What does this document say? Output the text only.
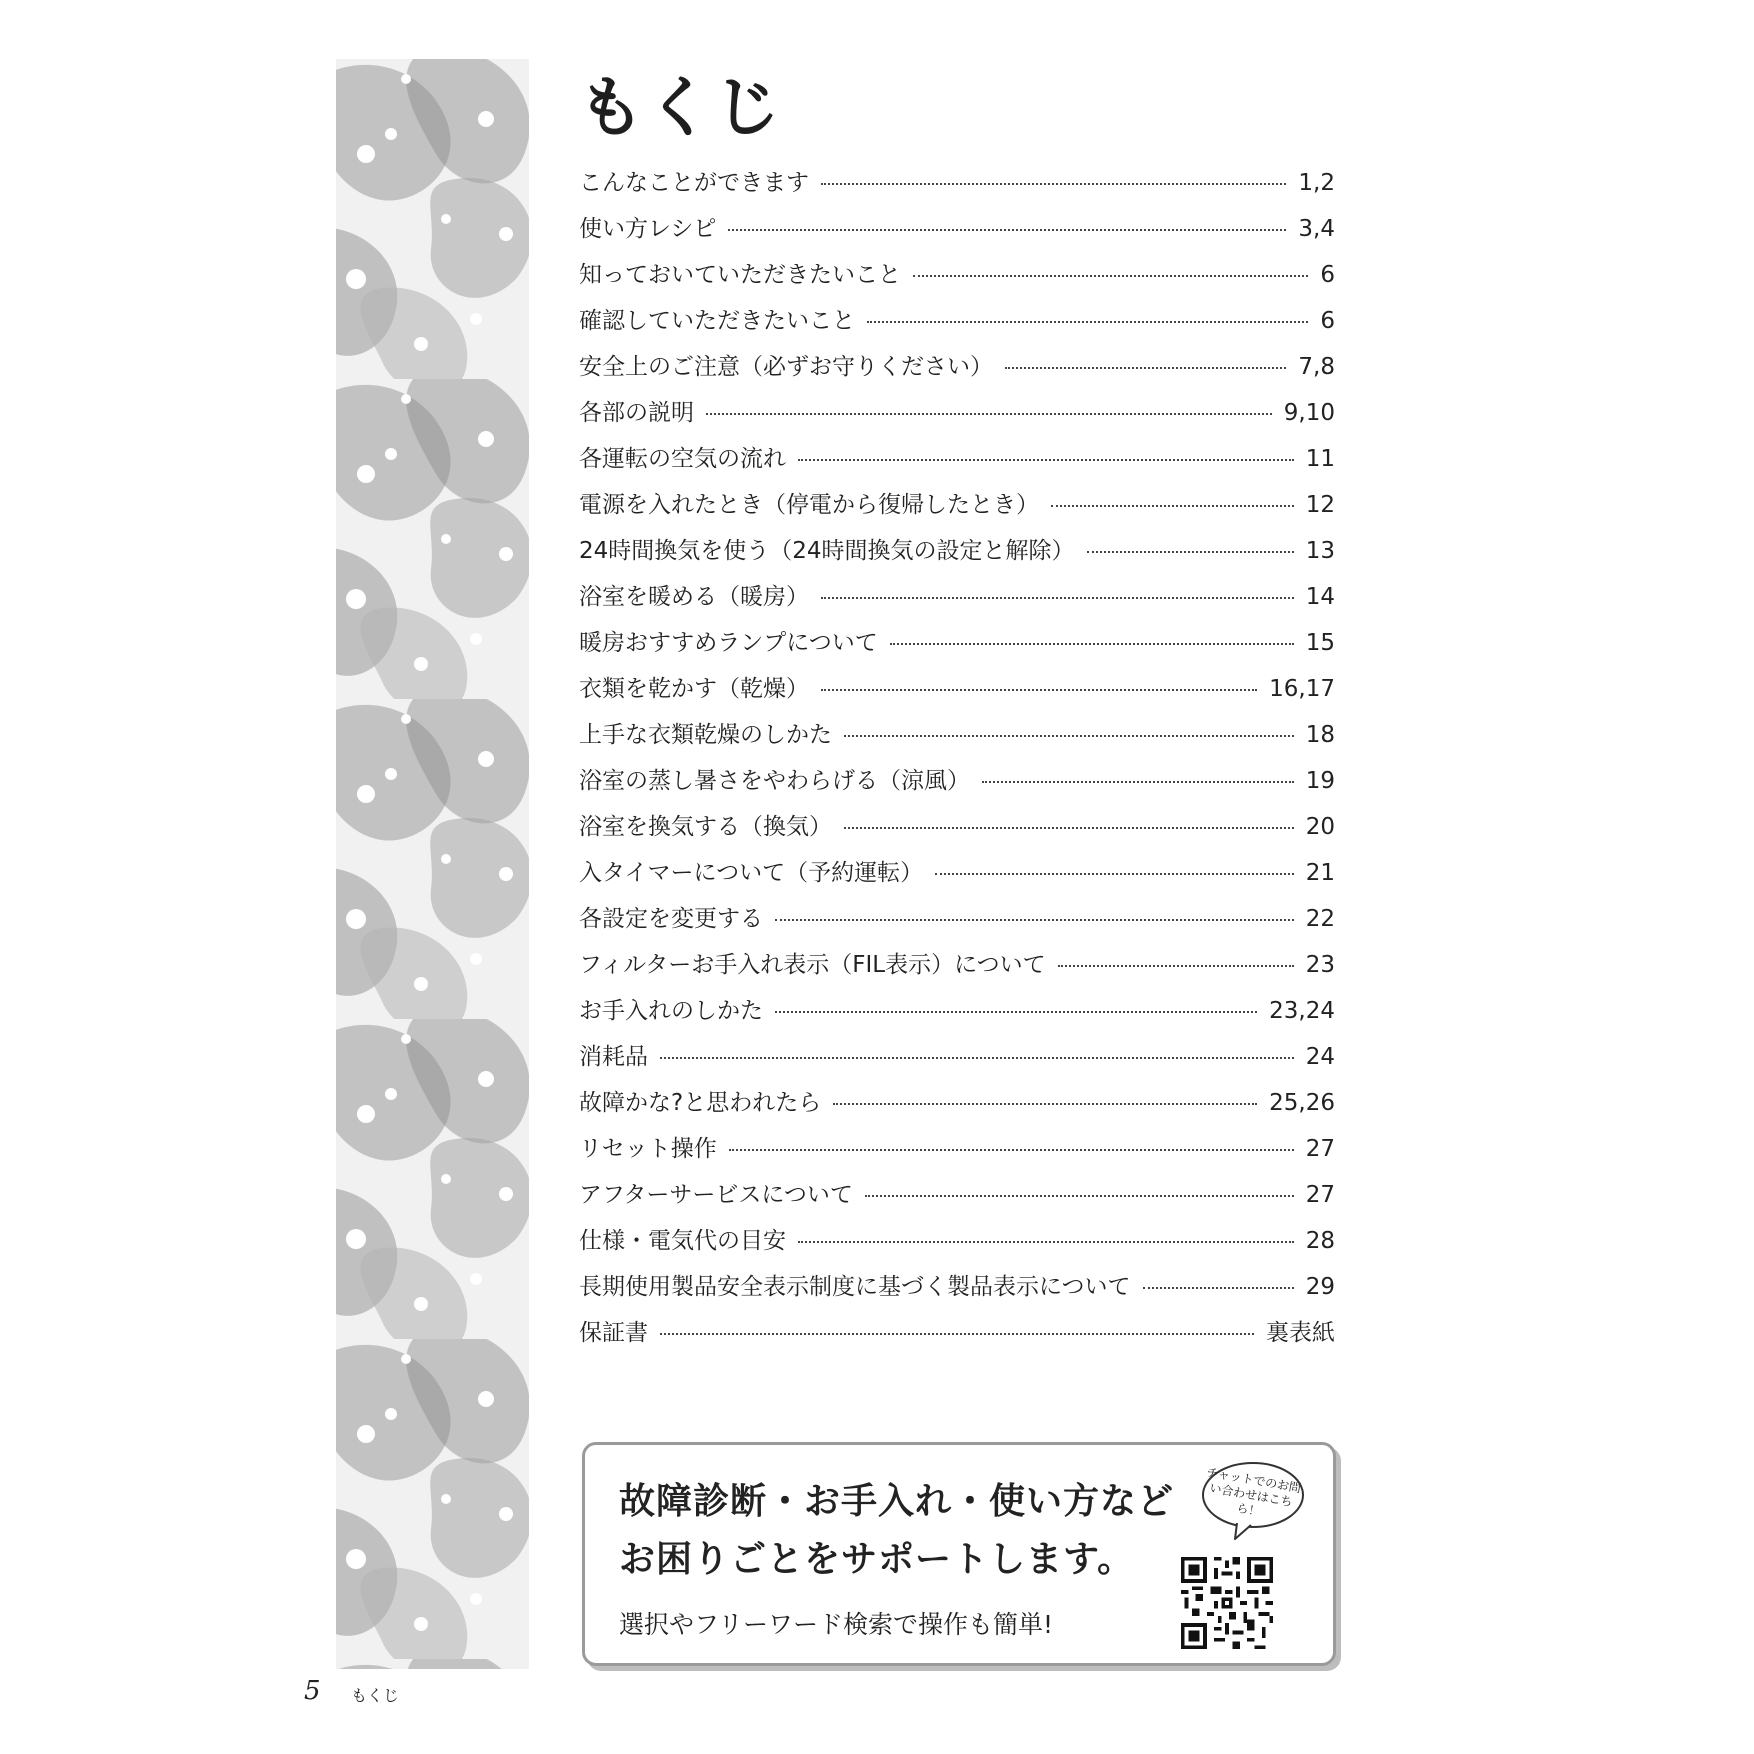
もくじ
こんなことができます	1,2
使い方レシピ	3,4
知っておいていただきたいこと	6
確認していただきたいこと	6
安全上のご注意（必ずお守りください）	7,8
各部の説明	9,10
各運転の空気の流れ	11
電源を入れたとき（停電から復帰したとき）	12
24時間換気を使う（24時間換気の設定と解除）	13
浴室を暖める（暖房）	14
暖房おすすめランプについて	15
衣類を乾かす（乾燥）	16,17
上手な衣類乾燥のしかた	18
浴室の蒸し暑さをやわらげる（涼風）	19
浴室を換気する（換気）	20
入タイマーについて（予約運転）	21
各設定を変更する	22
フィルターお手入れ表示（FIL表示）について	23
お手入れのしかた	23,24
消耗品	24
故障かな?と思われたら	25,26
リセット操作	27
アフターサービスについて	27
仕様・電気代の目安	28
長期使用製品安全表示制度に基づく製品表示について	29
保証書	裏表紙

故障診断・お手入れ・使い方など

お困りごとをサポートします。

選択やフリーワード検索で操作も簡単!

チャットでのお問い合わせはこちら！
5 もくじ
